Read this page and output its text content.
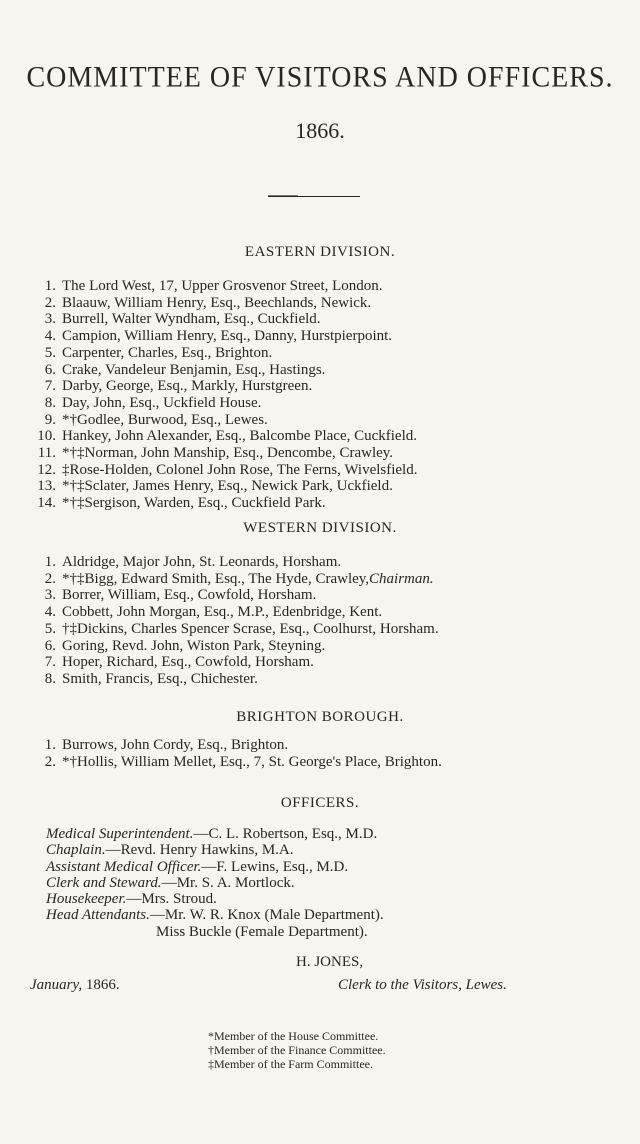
COMMITTEE OF VISITORS AND OFFICERS.
1866.
EASTERN DIVISION.
1. The Lord West, 17, Upper Grosvenor Street, London.
2. Blaauw, William Henry, Esq., Beechlands, Newick.
3. Burrell, Walter Wyndham, Esq., Cuckfield.
4. Campion, William Henry, Esq., Danny, Hurstpierpoint.
5. Carpenter, Charles, Esq., Brighton.
6. Crake, Vandeleur Benjamin, Esq., Hastings.
7. Darby, George, Esq., Markly, Hurstgreen.
8. Day, John, Esq., Uckfield House.
9. *†Godlee, Burwood, Esq., Lewes.
10. Hankey, John Alexander, Esq., Balcombe Place, Cuckfield.
11. *†‡Norman, John Manship, Esq., Dencombe, Crawley.
12. ‡Rose-Holden, Colonel John Rose, The Ferns, Wivelsfield.
13. *†‡Sclater, James Henry, Esq., Newick Park, Uckfield.
14. *†‡Sergison, Warden, Esq., Cuckfield Park.
WESTERN DIVISION.
1. Aldridge, Major John, St. Leonards, Horsham.
2. *†‡Bigg, Edward Smith, Esq., The Hyde, Crawley, Chairman.
3. Borrer, William, Esq., Cowfold, Horsham.
4. Cobbett, John Morgan, Esq., M.P., Edenbridge, Kent.
5. †‡Dickins, Charles Spencer Scrase, Esq., Coolhurst, Horsham.
6. Goring, Revd. John, Wiston Park, Steyning.
7. Hoper, Richard, Esq., Cowfold, Horsham.
8. Smith, Francis, Esq., Chichester.
BRIGHTON BOROUGH.
1. Burrows, John Cordy, Esq., Brighton.
2. *†Hollis, William Mellet, Esq., 7, St. George's Place, Brighton.
OFFICERS.
Medical Superintendent.—C. L. Robertson, Esq., M.D.
Chaplain.—Revd. Henry Hawkins, M.A.
Assistant Medical Officer.—F. Lewins, Esq., M.D.
Clerk and Steward.—Mr. S. A. Mortlock.
Housekeeper.—Mrs. Stroud.
Head Attendants.—Mr. W. R. Knox (Male Department).
Miss Buckle (Female Department).
H. JONES,
January, 1866.	Clerk to the Visitors, Lewes.
*Member of the House Committee.
†Member of the Finance Committee.
‡Member of the Farm Committee.
